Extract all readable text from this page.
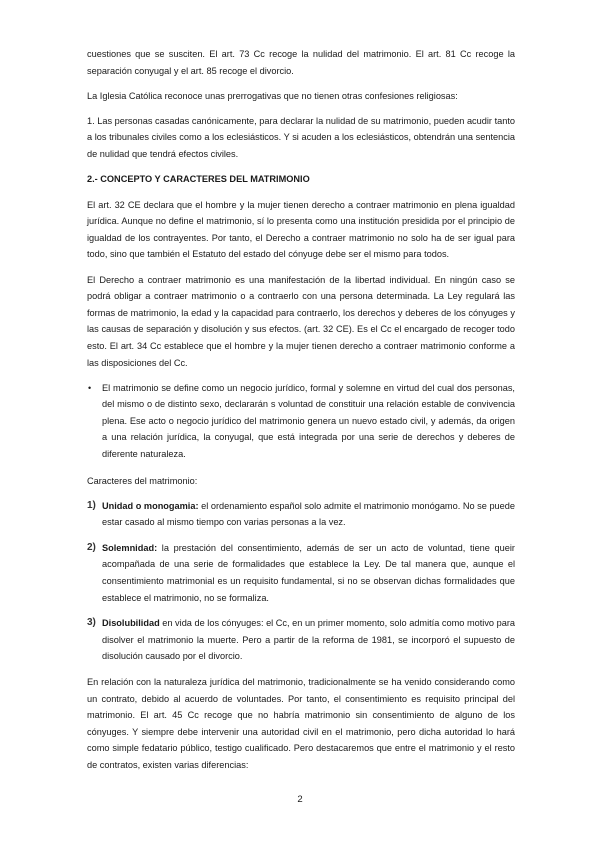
cuestiones que se susciten. El art. 73 Cc recoge la nulidad del matrimonio. El art. 81 Cc recoge la separación conyugal y el art. 85 recoge el divorcio.

La Iglesia Católica reconoce unas prerrogativas que no tienen otras confesiones religiosas:

1. Las personas casadas canónicamente, para declarar la nulidad de su matrimonio, pueden acudir tanto a los tribunales civiles como a los eclesiásticos. Y si acuden a los eclesiásticos, obtendrán una sentencia de nulidad que tendrá efectos civiles.

2.- CONCEPTO Y CARACTERES DEL MATRIMONIO

El art. 32 CE declara que el hombre y la mujer tienen derecho a contraer matrimonio en plena igualdad jurídica. Aunque no define el matrimonio, sí lo presenta como una institución presidida por el principio de igualdad de los contrayentes. Por tanto, el Derecho a contraer matrimonio no solo ha de ser igual para todo, sino que también el Estatuto del estado del cónyuge debe ser el mismo para todos.

El Derecho a contraer matrimonio es una manifestación de la libertad individual. En ningún caso se podrá obligar a contraer matrimonio o a contraerlo con una persona determinada. La Ley regulará las formas de matrimonio, la edad y la capacidad para contraerlo, los derechos y deberes de los cónyuges y las causas de separación y disolución y sus efectos. (art. 32 CE). Es el Cc el encargado de recoger todo esto. El art. 34 Cc establece que el hombre y la mujer tienen derecho a contraer matrimonio conforme a las disposiciones del Cc.

• El matrimonio se define como un negocio jurídico, formal y solemne en virtud del cual dos personas, del mismo o de distinto sexo, declararán s voluntad de constituir una relación estable de convivencia plena. Ese acto o negocio jurídico del matrimonio genera un nuevo estado civil, y además, da origen a una relación jurídica, la conyugal, que está integrada por una serie de derechos y deberes de diferente naturaleza.

Caracteres del matrimonio:

1) Unidad o monogamia: el ordenamiento español solo admite el matrimonio monógamo. No se puede estar casado al mismo tiempo con varias personas a la vez.
2) Solemnidad: la prestación del consentimiento, además de ser un acto de voluntad, tiene queir acompañada de una serie de formalidades que establece la Ley. De tal manera que, aunque el consentimiento matrimonial es un requisito fundamental, si no se observan dichas formalidades que establece el matrimonio, no se formaliza.
3) Disolubilidad en vida de los cónyuges: el Cc, en un primer momento, solo admitía como motivo para disolver el matrimonio la muerte. Pero a partir de la reforma de 1981, se incorporó el supuesto de disolución causado por el divorcio.

En relación con la naturaleza jurídica del matrimonio, tradicionalmente se ha venido considerando como un contrato, debido al acuerdo de voluntades. Por tanto, el consentimiento es requisito principal del matrimonio. El art. 45 Cc recoge que no habría matrimonio sin consentimiento de alguno de los cónyuges. Y siempre debe intervenir una autoridad civil en el matrimonio, pero dicha autoridad lo hará como simple fedatario público, testigo cualificado. Pero destacaremos que entre el matrimonio y el resto de contratos, existen varias diferencias:

2
